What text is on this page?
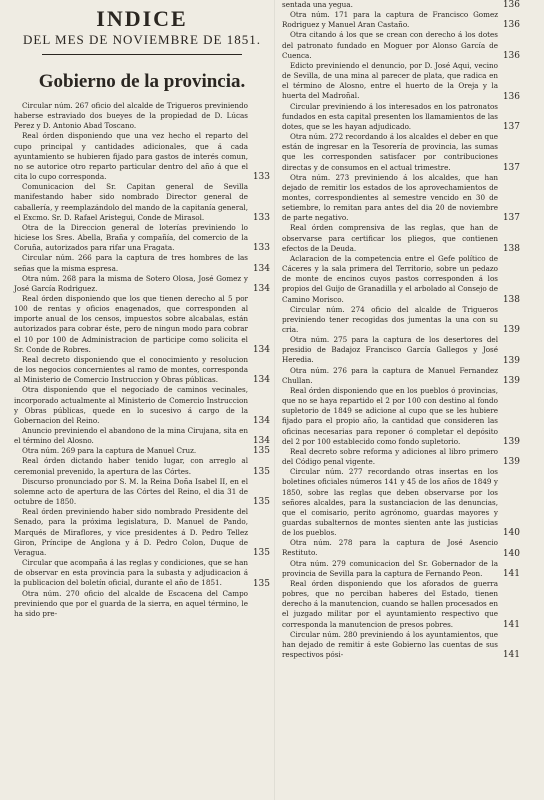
INDICE
DEL MES DE NOVIEMBRE DE 1851.
Gobierno de la provincia.

Circular núm. 267 oficio del alcalde de Trigueros previniendo haberse estraviado dos bueyes de la propiedad de D. Lúcas Perez y D. Antonio Abad Toscano.

Real órden disponiendo que una vez hecho el reparto del cupo principal y cantidades adicionales, que á cada ayuntamiento se hubieren fijado para gastos de interés comun, no se autorice otro reparto particular dentro del año á que el cita lo cupo corresponda.	133

Comunicacion del Sr. Capitan general de Sevilla manifestando haber sido nombrado Director general de caballería, y reemplazándolo del mando de la capitanía general, el Excmo. Sr. D. Rafael Aristegui, Conde de Mirasol.	133

Otra de la Direccion general de loterías previniendo lo hiciese los Sres. Abella, Braña y compañía, del comercio de la Coruña, autorizados para rifar una Fragata.	133

Circular núm. 266 para la captura de tres hombres de las señas que la misma espresa.	134

Otra núm. 268 para la misma de Sotero Olosa, José Gomez y José García Rodriguez.	134

Real órden disponiendo que los que tienen derecho al 5 por 100 de rentas y oficios enagenados, que corresponden al importe anual de los censos, impuestos sobre alcabalas, están autorizados para cobrar éste, pero de ningun modo para cobrar el 10 por 100 de Administracion de participe como solicita el Sr. Conde de Robres.	134

Real decreto disponiendo que el conocimiento y resolucion de los negocios concernientes al ramo de montes, corresponda al Ministerio de Comercio Instruccion y Obras públicas.	134

Otra disponiendo que el negociado de caminos vecinales, incorporado actualmente al Ministerio de Comercio Instruccion y Obras públicas, quede en lo sucesivo á cargo de la Gobernacion del Reino.	134

Anuncio previniendo el abandono de la mina Cirujana, sita en el término del Alosno.	134

Otra núm. 269 para la captura de Manuel Cruz.	135

Real órden dictando haber tenido lugar, con arreglo al ceremonial prevenido, la apertura de las Córtes.	135

Discurso pronunciado por S. M. la Reina Doña Isabel II, en el solemne acto de apertura de las Córtes del Reino, el dia 31 de octubre de 1850.	135

Real órden previniendo haber sido nombrado Presidente del Senado, para la próxima legislatura, D. Manuel de Pando, Marqués de Miraflores, y vice presidentes á D. Pedro Tellez Giron, Príncipe de Anglona y á D. Pedro Colon, Duque de Veragua.	135

Circular que acompaña á las reglas y condiciones, que se han de observar en esta provincia para la subasta y adjudicacion á la publicacion del boletín oficial, durante el año de 1851.	135

Otra núm. 270 oficio del alcalde de Escacena del Campo previniendo que por el guarda de la sierra, en aquel término, le ha sido pre-

sentada una yegua.	136

Otra núm. 171 para la captura de Francisco Gomez Rodriguez y Manuel Aran Castaño.	136

Otra citando á los que se crean con derecho á los dotes del patronato fundado en Moguer por Alonso García de Cuenca.	136

Edicto previniendo el denuncio, por D. José Aqui, vecino de Sevilla, de una mina al parecer de plata, que radica en el término de Alosno, entre el huerto de la Oreja y la huerta del Madroñal.	136

Circular previniendo á los interesados en los patronatos fundados en esta capital presenten los llamamientos de las dotes, que se les hayan adjudicado.	137

Otra núm. 272 recordando á los alcaldes el deber en que están de ingresar en la Tesorería de provincia, las sumas que les corresponden satisfacer por contribuciones directas y de consumos en el actual trimestre.	137

Otra núm. 273 previniendo á los alcaldes, que han dejado de remitir los estados de los aprovechamientos de montes, correspondientes al semestre vencido en 30 de setiembre, lo remitan para antes del dia 20 de noviembre de parte negativo.	137

Real órden comprensiva de las reglas, que han de observarse para certificar los pliegos, que contienen efectos de la Deuda.	138

Aclaracion de la competencia entre el Gefe político de Cáceres y la sala primera del Territorio, sobre un pedazo de monte de encinos cuyos pastos corresponden á los propios del Guijo de Granadilla y el arbolado al Consejo de Camino Morisco.	138

Circular núm. 274 oficio del alcalde de Trigueros previniendo tener recogidas dos jumentas la una con su cria.	139

Otra núm. 275 para la captura de los desertores del presidio de Badajoz Francisco García Gallegos y José Heredia.	139

Otra núm. 276 para la captura de Manuel Fernandez Chullan.	139

Real órden disponiendo que en los pueblos ó provincias, que no se haya repartido el 2 por 100 con destino al fondo supletorio de 1849 se adicione al cupo que se les hubiere fijado para el propio año, la cantidad que consideren las oficinas necesarias para reponer ó completar el depósito del 2 por 100 establecido como fondo supletorio.	139

Real decreto sobre reforma y adiciones al libro primero del Código penal vigente.	139

Circular núm. 277 recordando otras insertas en los boletines oficiales números 141 y 45 de los años de 1849 y 1850, sobre las reglas que deben observarse por los señores alcaldes, para la sustanciacion de las denuncias, que el comisario, perito agrónomo, guardas mayores y guardas subalternos de montes sienten ante las justicias de los pueblos.	140

Otra núm. 278 para la captura de José Asencio Restituto.	140

Otra núm. 279 comunicacion del Sr. Gobernador de la provincia de Sevilla para la captura de Fernando Peon.	141

Real órden disponiendo que los aforados de guerra pobres, que no perciban haberes del Estado, tienen derecho á la manutencion, cuando se hallen procesados en el juzgado militar por el ayuntamiento respectivo que corresponda la manutencion de presos pobres.	141

Circular núm. 280 previniendo á los ayuntamientos, que han dejado de remitir á este Gobierno las cuentas de sus respectivos pósi-	141
